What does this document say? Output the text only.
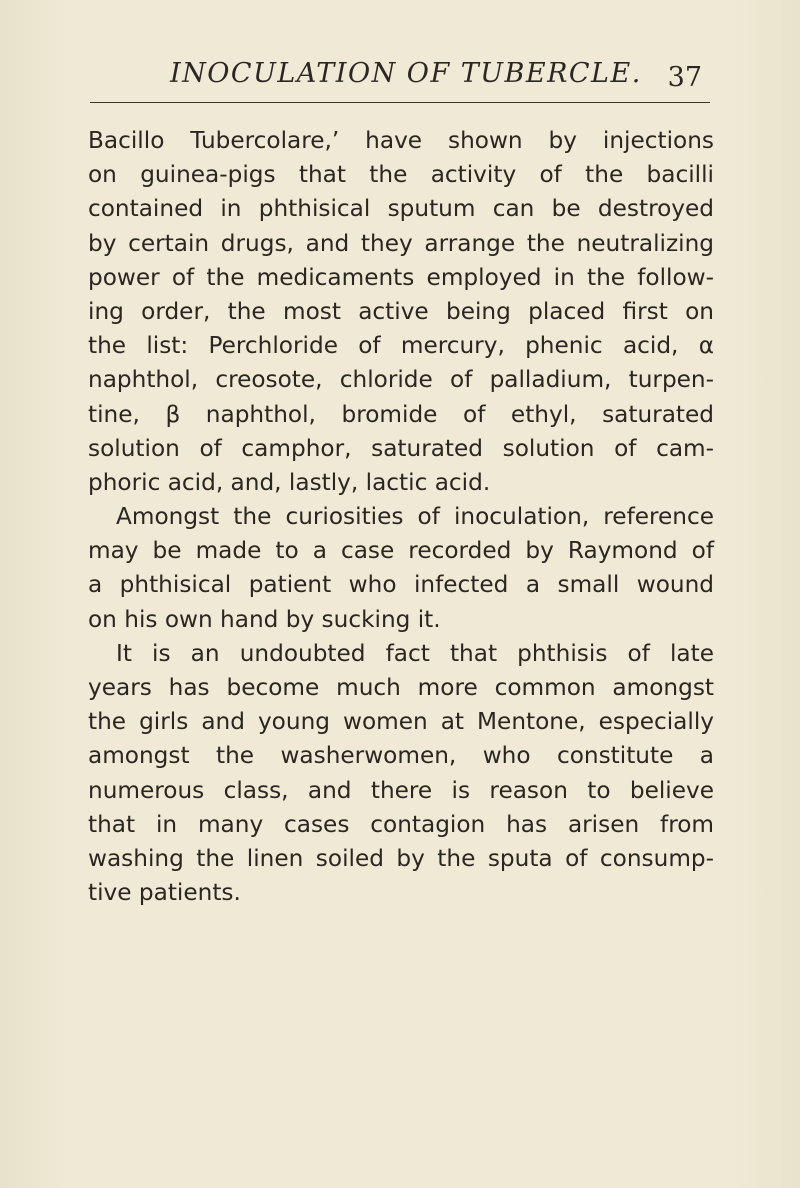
INOCULATION OF TUBERCLE. 37
Bacillo Tubercolare,’ have shown by injections
on guinea-pigs that the activity of the bacilli
contained in phthisical sputum can be destroyed
by certain drugs, and they arrange the neutralizing
power of the medicaments employed in the follow-
ing order, the most active being placed first on
the list: Perchloride of mercury, phenic acid, α
naphthol, creosote, chloride of palladium, turpen-
tine, β naphthol, bromide of ethyl, saturated
solution of camphor, saturated solution of cam-
phoric acid, and, lastly, lactic acid.
Amongst the curiosities of inoculation, reference
may be made to a case recorded by Raymond of
a phthisical patient who infected a small wound
on his own hand by sucking it.
It is an undoubted fact that phthisis of late
years has become much more common amongst
the girls and young women at Mentone, especially
amongst the washerwomen, who constitute a
numerous class, and there is reason to believe
that in many cases contagion has arisen from
washing the linen soiled by the sputa of consump-
tive patients.
